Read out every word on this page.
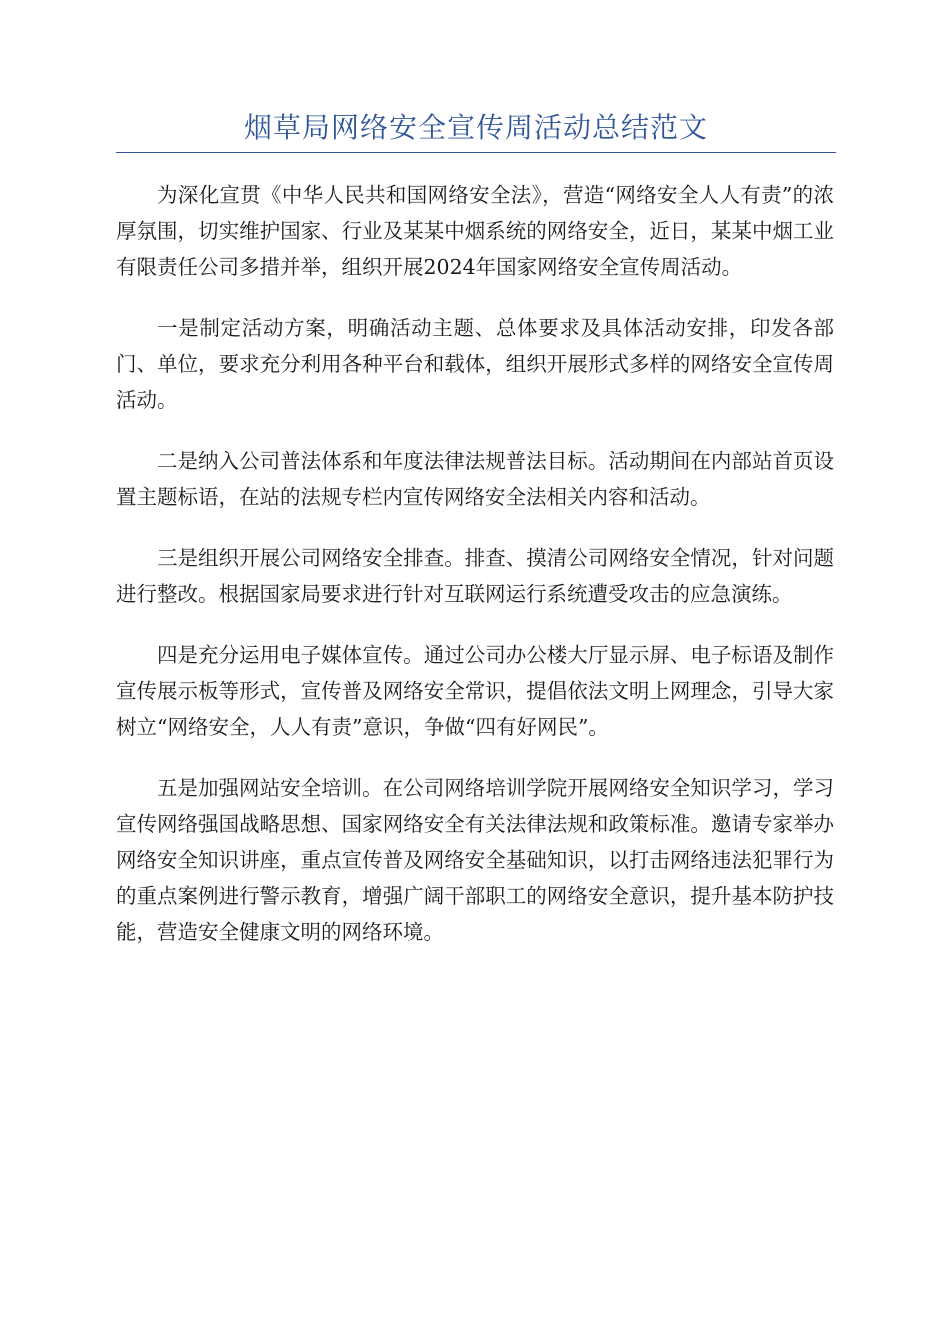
烟草局网络安全宣传周活动总结范文

为深化宣贯《中华人民共和国网络安全法》，营造“网络安全人人有责”的浓厚氛围，切实维护国家、行业及某某中烟系统的网络安全，近日，某某中烟工业有限责任公司多措并举，组织开展2024年国家网络安全宣传周活动。

一是制定活动方案，明确活动主题、总体要求及具体活动安排，印发各部门、单位，要求充分利用各种平台和载体，组织开展形式多样的网络安全宣传周活动。

二是纳入公司普法体系和年度法律法规普法目标。活动期间在内部站首页设置主题标语，在站的法规专栏内宣传网络安全法相关内容和活动。

三是组织开展公司网络安全排查。排查、摸清公司网络安全情况，针对问题进行整改。根据国家局要求进行针对互联网运行系统遭受攻击的应急演练。

四是充分运用电子媒体宣传。通过公司办公楼大厅显示屏、电子标语及制作宣传展示板等形式，宣传普及网络安全常识，提倡依法文明上网理念，引导大家树立“网络安全，人人有责”意识，争做“四有好网民”。

五是加强网站安全培训。在公司网络培训学院开展网络安全知识学习，学习宣传网络强国战略思想、国家网络安全有关法律法规和政策标准。邀请专家举办网络安全知识讲座，重点宣传普及网络安全基础知识，以打击网络违法犯罪行为的重点案例进行警示教育，增强广阔干部职工的网络安全意识，提升基本防护技能，营造安全健康文明的网络环境。
